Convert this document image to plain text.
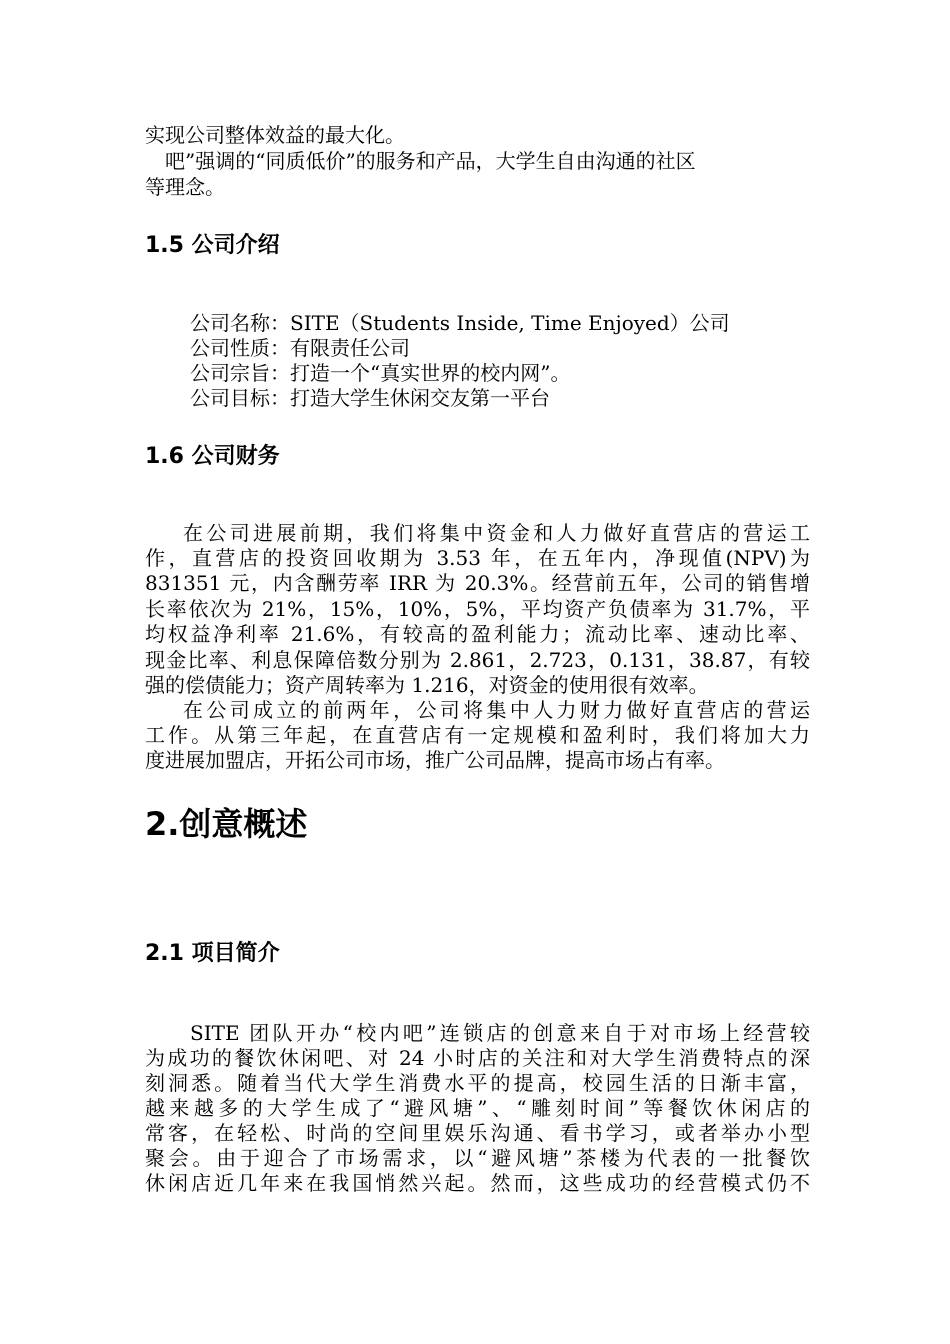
实现公司整体效益的最大化。
　吧”强调的“同质低价”的服务和产品，大学生自由沟通的社区
等理念。
1.5 公司介绍
公司名称：SITE（Students Inside, Time Enjoyed）公司
公司性质：有限责任公司
公司宗旨：打造一个“真实世界的校内网”。
公司目标：打造大学生休闲交友第一平台
1.6 公司财务
在公司进展前期，我们将集中资金和人力做好直营店的营运工
作，直营店的投资回收期为 3.53 年，在五年内，净现值(NPV)为
831351 元，内含酬劳率 IRR 为 20.3%。经营前五年，公司的销售增
长率依次为 21%，15%，10%，5%，平均资产负债率为 31.7%，平
均权益净利率 21.6%，有较高的盈利能力；流动比率、速动比率、
现金比率、利息保障倍数分别为 2.861，2.723，0.131，38.87，有较
强的偿债能力；资产周转率为 1.216，对资金的使用很有效率。
在公司成立的前两年，公司将集中人力财力做好直营店的营运
工作。从第三年起，在直营店有一定规模和盈利时，我们将加大力
度进展加盟店，开拓公司市场，推广公司品牌，提高市场占有率。
2.创意概述
2.1 项目简介
SITE 团队开办“校内吧”连锁店的创意来自于对市场上经营较
为成功的餐饮休闲吧、对 24 小时店的关注和对大学生消费特点的深
刻洞悉。随着当代大学生消费水平的提高，校园生活的日渐丰富，
越来越多的大学生成了“避风塘”、“雕刻时间”等餐饮休闲店的
常客，在轻松、时尚的空间里娱乐沟通、看书学习，或者举办小型
聚会。由于迎合了市场需求，以“避风塘”茶楼为代表的一批餐饮
休闲店近几年来在我国悄然兴起。然而，这些成功的经营模式仍不
